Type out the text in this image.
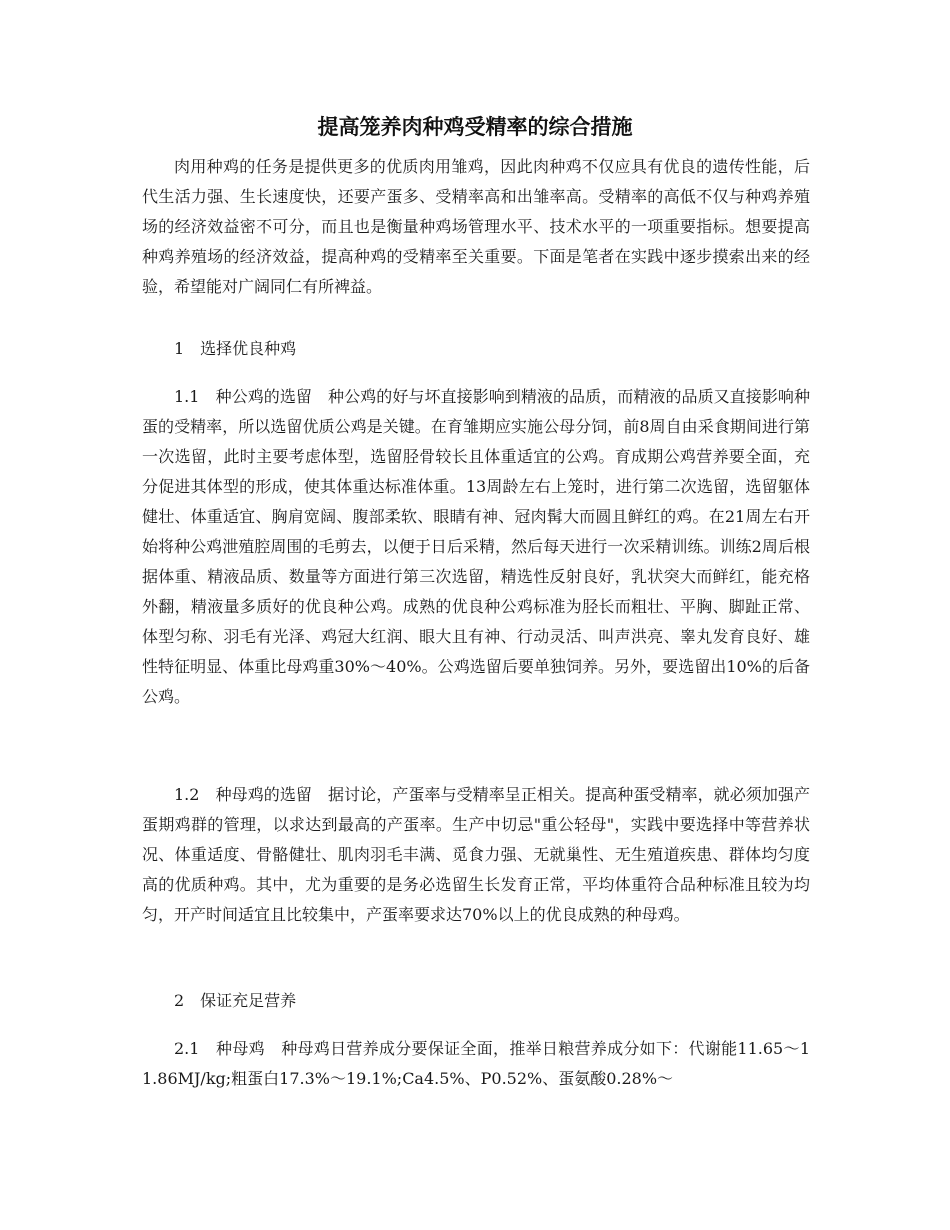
提高笼养肉种鸡受精率的综合措施

肉用种鸡的任务是提供更多的优质肉用雏鸡，因此肉种鸡不仅应具有优良的遗传性能，后代生活力强、生长速度快，还要产蛋多、受精率高和出雏率高。受精率的高低不仅与种鸡养殖场的经济效益密不可分，而且也是衡量种鸡场管理水平、技术水平的一项重要指标。想要提高种鸡养殖场的经济效益，提高种鸡的受精率至关重要。下面是笔者在实践中逐步摸索出来的经验，希望能对广阔同仁有所裨益。

1　选择优良种鸡

1.1　种公鸡的选留　种公鸡的好与坏直接影响到精液的品质，而精液的品质又直接影响种蛋的受精率，所以选留优质公鸡是关键。在育雏期应实施公母分饲，前8周自由采食期间进行第一次选留，此时主要考虑体型，选留胫骨较长且体重适宜的公鸡。育成期公鸡营养要全面，充分促进其体型的形成，使其体重达标准体重。13周龄左右上笼时，进行第二次选留，选留躯体健壮、体重适宜、胸肩宽阔、腹部柔软、眼睛有神、冠肉髯大而圆且鲜红的鸡。在21周左右开始将种公鸡泄殖腔周围的毛剪去，以便于日后采精，然后每天进行一次采精训练。训练2周后根据体重、精液品质、数量等方面进行第三次选留，精选性反射良好，乳状突大而鲜红，能充格外翻，精液量多质好的优良种公鸡。成熟的优良种公鸡标准为胫长而粗壮、平胸、脚趾正常、体型匀称、羽毛有光泽、鸡冠大红润、眼大且有神、行动灵活、叫声洪亮、睾丸发育良好、雄性特征明显、体重比母鸡重30%～40%。公鸡选留后要单独饲养。另外，要选留出10%的后备公鸡。

1.2　种母鸡的选留　据讨论，产蛋率与受精率呈正相关。提高种蛋受精率，就必须加强产蛋期鸡群的管理，以求达到最高的产蛋率。生产中切忌"重公轻母"，实践中要选择中等营养状况、体重适度、骨骼健壮、肌肉羽毛丰满、觅食力强、无就巢性、无生殖道疾患、群体均匀度高的优质种鸡。其中，尤为重要的是务必选留生长发育正常，平均体重符合品种标准且较为均匀，开产时间适宜且比较集中，产蛋率要求达70%以上的优良成熟的种母鸡。

2　保证充足营养

2.1　种母鸡　种母鸡日营养成分要保证全面，推举日粮营养成分如下：代谢能11.65～11.86MJ/kg;粗蛋白17.3%～19.1%;Ca4.5%、P0.52%、蛋氨酸0.28%～
